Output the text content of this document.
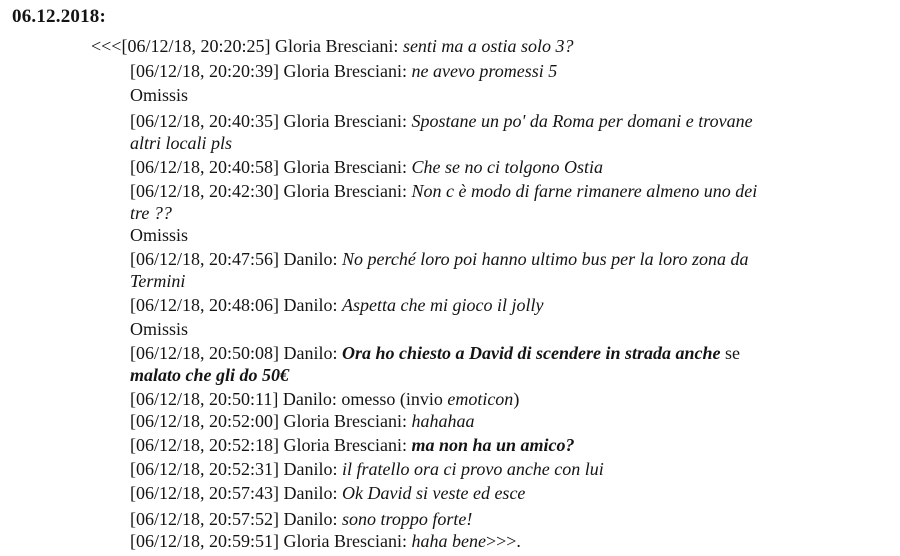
06.12.2018:
<<<[06/12/18, 20:20:25] Gloria Bresciani: senti ma a ostia solo 3?
[06/12/18, 20:20:39] Gloria Bresciani: ne avevo promessi 5
Omissis
[06/12/18, 20:40:35] Gloria Bresciani: Spostane un po' da Roma per domani e trovane
altri locali pls
[06/12/18, 20:40:58] Gloria Bresciani: Che se no ci tolgono Ostia
[06/12/18, 20:42:30] Gloria Bresciani: Non c è modo di farne rimanere almeno uno dei
tre ??
Omissis
[06/12/18, 20:47:56] Danilo: No perché loro poi hanno ultimo bus per la loro zona da
Termini
[06/12/18, 20:48:06] Danilo: Aspetta che mi gioco il jolly
Omissis
[06/12/18, 20:50:08] Danilo: Ora ho chiesto a David di scendere in strada anche se
malato che gli do 50€
[06/12/18, 20:50:11] Danilo: omesso (invio emoticon)
[06/12/18, 20:52:00] Gloria Bresciani: hahahaa
[06/12/18, 20:52:18] Gloria Bresciani: ma non ha un amico?
[06/12/18, 20:52:31] Danilo: il fratello ora ci provo anche con lui
[06/12/18, 20:57:43] Danilo: Ok David si veste ed esce
[06/12/18, 20:57:52] Danilo: sono troppo forte!
[06/12/18, 20:59:51] Gloria Bresciani: haha bene>>>.
